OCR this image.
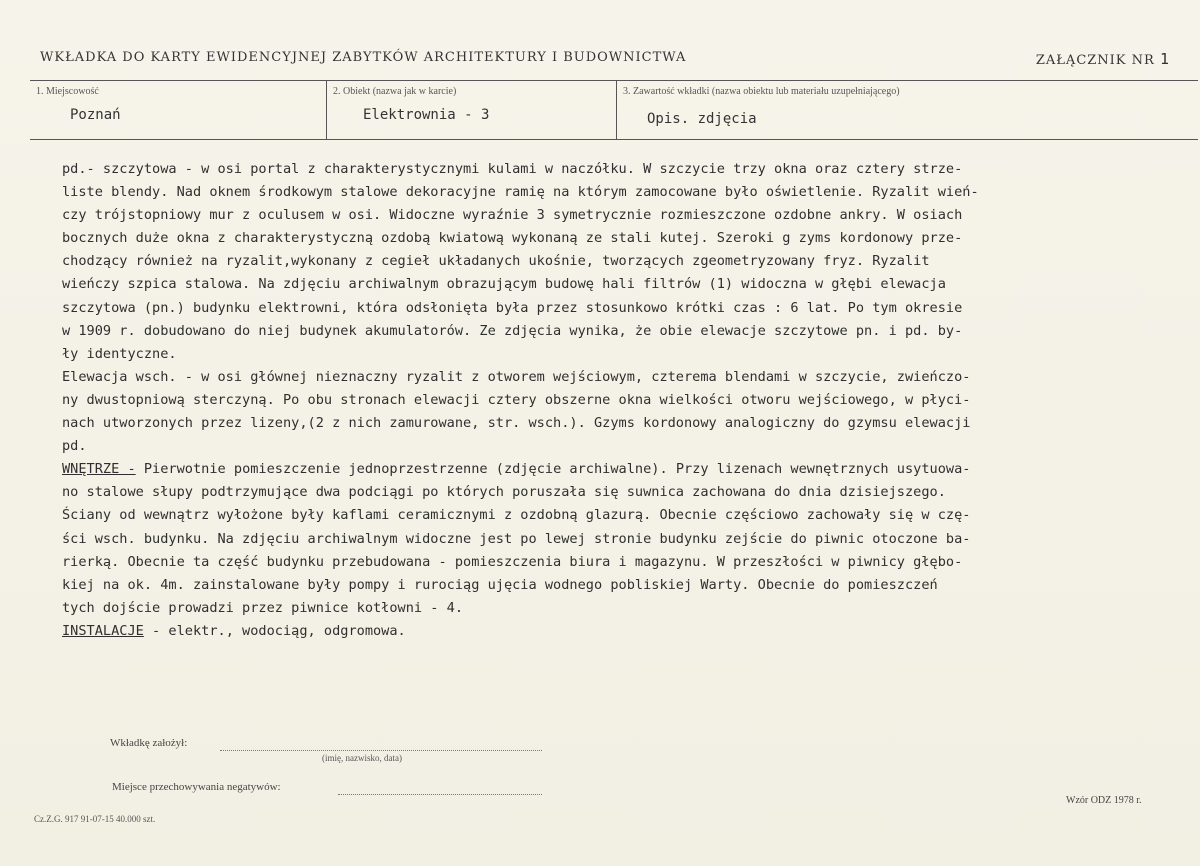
WKŁADKA DO KARTY EWIDENCYJNEJ ZABYTKÓW ARCHITEKTURY I BUDOWNICTWA	ZAŁĄCZNIK NR 1
1. Miejscowość
Poznań
2. Obiekt (nazwa jak w karcie)
Elektrownia - 3
3. Zawartość wkładki (nazwa obiektu lub materiału uzupełniającego)
Opis. zdjęcia
pd.- szczytowa - w osi portal z charakterystycznymi kulami w naczółku. W szczycie trzy okna oraz cztery strze-
liste blendy. Nad oknem środkowym stalowe dekoracyjne ramię na którym zamocowane było oświetlenie. Ryzalit wień-
czy trójstopniowy mur z oculusem w osi. Widoczne wyraźnie 3 symetrycznie rozmieszczone ozdobne ankry. W osiach
bocznych duże okna z charakterystyczną ozdobą kwiatową wykonaną ze stali kutej. Szeroki g zyms kordonowy prze-
chodzący również na ryzalit,wykonany z cegieł układanych ukośnie, tworzących zgeometryzowany fryz. Ryzalit
wieńczy szpica stalowa. Na zdjęciu archiwalnym obrazującym budowę hali filtrów (1) widoczna w głębi elewacja
szczytowa (pn.) budynku elektrowni, która odsłonięta była przez stosunkowo krótki czas : 6 lat. Po tym okresie
w 1909 r. dobudowano do niej budynek akumulatorów. Ze zdjęcia wynika, że obie elewacje szczytowe pn. i pd. by-
ły identyczne.
Elewacja wsch. - w osi głównej nieznaczny ryzalit z otworem wejściowym, czterema blendami w szczycie, zwieńczo-
ny dwustopniową sterczyną. Po obu stronach elewacji cztery obszerne okna wielkości otworu wejściowego, w płyci-
nach utworzonych przez lizeny,(2 z nich zamurowane, str. wsch.). Gzyms kordonowy analogiczny do gzymsu elewacji
pd.
WNĘTRZE - Pierwotnie pomieszczenie jednoprzestrzenne (zdjęcie archiwalne). Przy lizenach wewnętrznych usytuowa-
no stalowe słupy podtrzymujące dwa podciągi po których poruszała się suwnica zachowana do dnia dzisiejszego.
Ściany od wewnątrz wyłożone były kaflami ceramicznymi z ozdobną glazurą. Obecnie częściowo zachowały się w czę-
ści wsch. budynku. Na zdjęciu archiwalnym widoczne jest po lewej stronie budynku zejście do piwnic otoczone ba-
rierką. Obecnie ta część budynku przebudowana - pomieszczenia biura i magazynu. W przeszłości w piwnicy głębo-
kiej na ok. 4m. zainstalowane były pompy i rurociąg ujęcia wodnego pobliskiej Warty. Obecnie do pomieszczeń
tych dojście prowadzi przez piwnice kotłowni - 4.
INSTALACJE - elektr., wodociąg, odgromowa.
Wkładkę założył:
(imię, nazwisko, data)
Miejsce przechowywania negatywów:
Cz.Z.G. 917 91-07-15 40.000 szt.
Wzór ODZ 1978 r.
